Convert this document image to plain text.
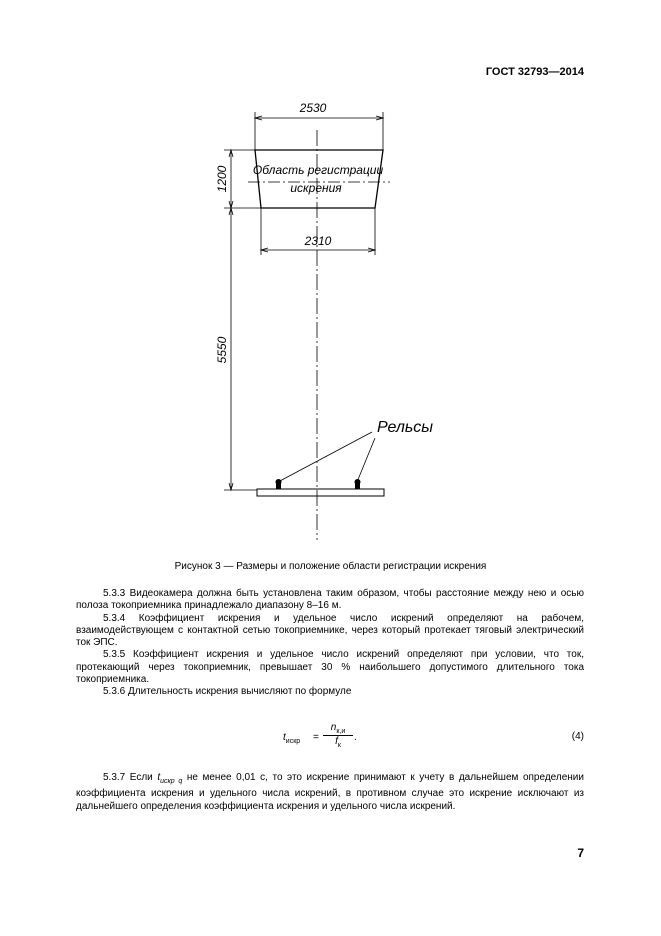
ГОСТ 32793—2014
2530
2310
Область регистрации
искрения
1200
5550
Рельсы
Рисунок 3 — Размеры и положение области регистрации искрения

5.3.3 Видеокамера должна быть установлена таким образом, чтобы расстояние между нею и осью полоза токоприемника принадлежало диапазону 8–16 м.

5.3.4 Коэффициент искрения и удельное число искрений определяют на рабочем, взаимодействующем с контактной сетью токоприемнике, через который протекает тяговый электрический ток ЭПС.

5.3.5 Коэффициент искрения и удельное число искрений определяют при условии, что ток, протекающий через токоприемник, превышает 30 % наибольшего допустимого длительного тока токоприемника.

5.3.6 Длительность искрения вычисляют по формуле

$t_{искр}$ =
$n_{к,и}$
$f_к$
.	(4)

5.3.7 Если $t_{искр q}$ не менее 0,01 с, то это искрение принимают к учету в дальнейшем определении коэффициента искрения и удельного числа искрений, в противном случае это искрение исключают из дальнейшего определения коэффициента искрения и удельного числа искрений.

7
